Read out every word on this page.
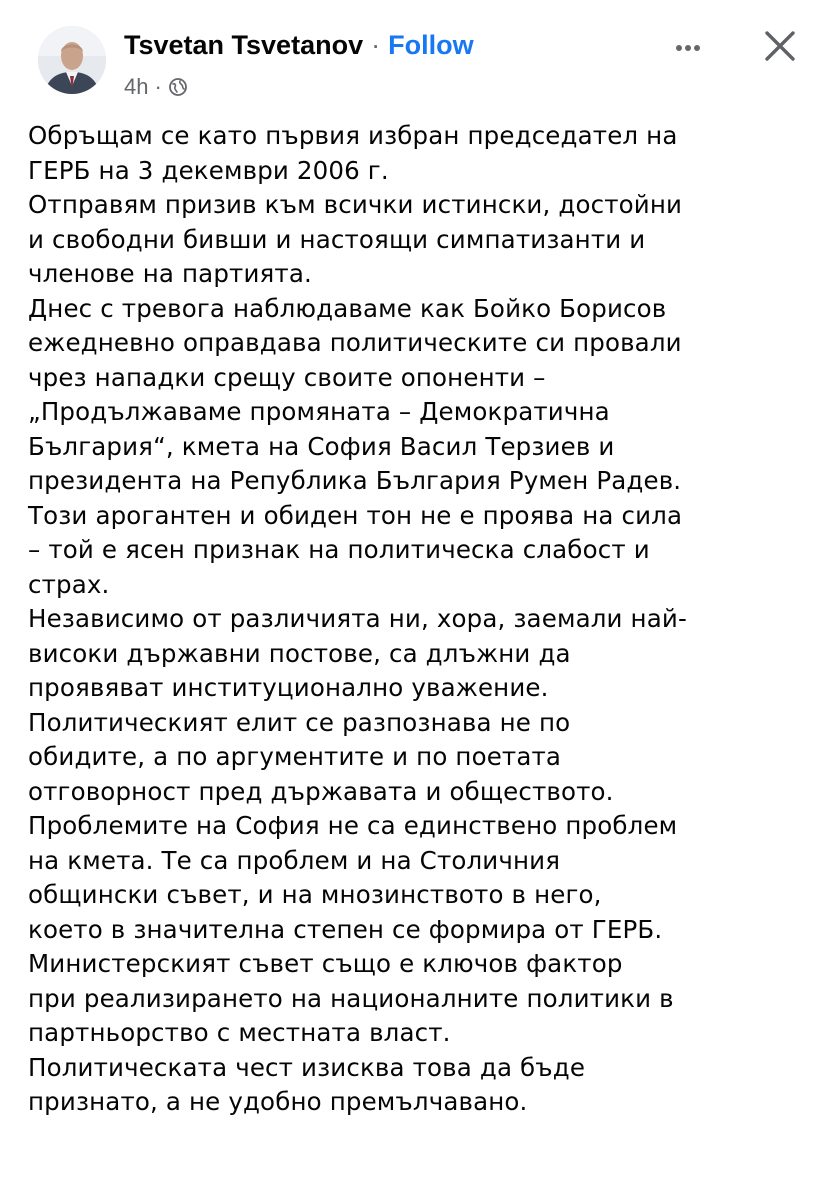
Tsvetan Tsvetanov · Follow
4h ·
Обръщам се като първия избран председател на
ГЕРБ на 3 декември 2006 г.
Отправям призив към всички истински, достойни
и свободни бивши и настоящи симпатизанти и
членове на партията.
Днес с тревога наблюдаваме как Бойко Борисов
ежедневно оправдава политическите си провали
чрез нападки срещу своите опоненти –
„Продължаваме промяната – Демократична
България“, кмета на София Васил Терзиев и
президента на Република България Румен Радев.
Този арогантен и обиден тон не е проява на сила
– той е ясен признак на политическа слабост и
страх.
Независимо от различията ни, хора, заемали най-
високи държавни постове, са длъжни да
проявяват институционално уважение.
Политическият елит се разпознава не по
обидите, а по аргументите и по поетата
отговорност пред държавата и обществото.
Проблемите на София не са единствено проблем
на кмета. Те са проблем и на Столичния
общински съвет, и на мнозинството в него,
което в значителна степен се формира от ГЕРБ.
Министерският съвет също е ключов фактор
при реализирането на националните политики в
партньорство с местната власт.
Политическата чест изисква това да бъде
признато, а не удобно премълчавано.
